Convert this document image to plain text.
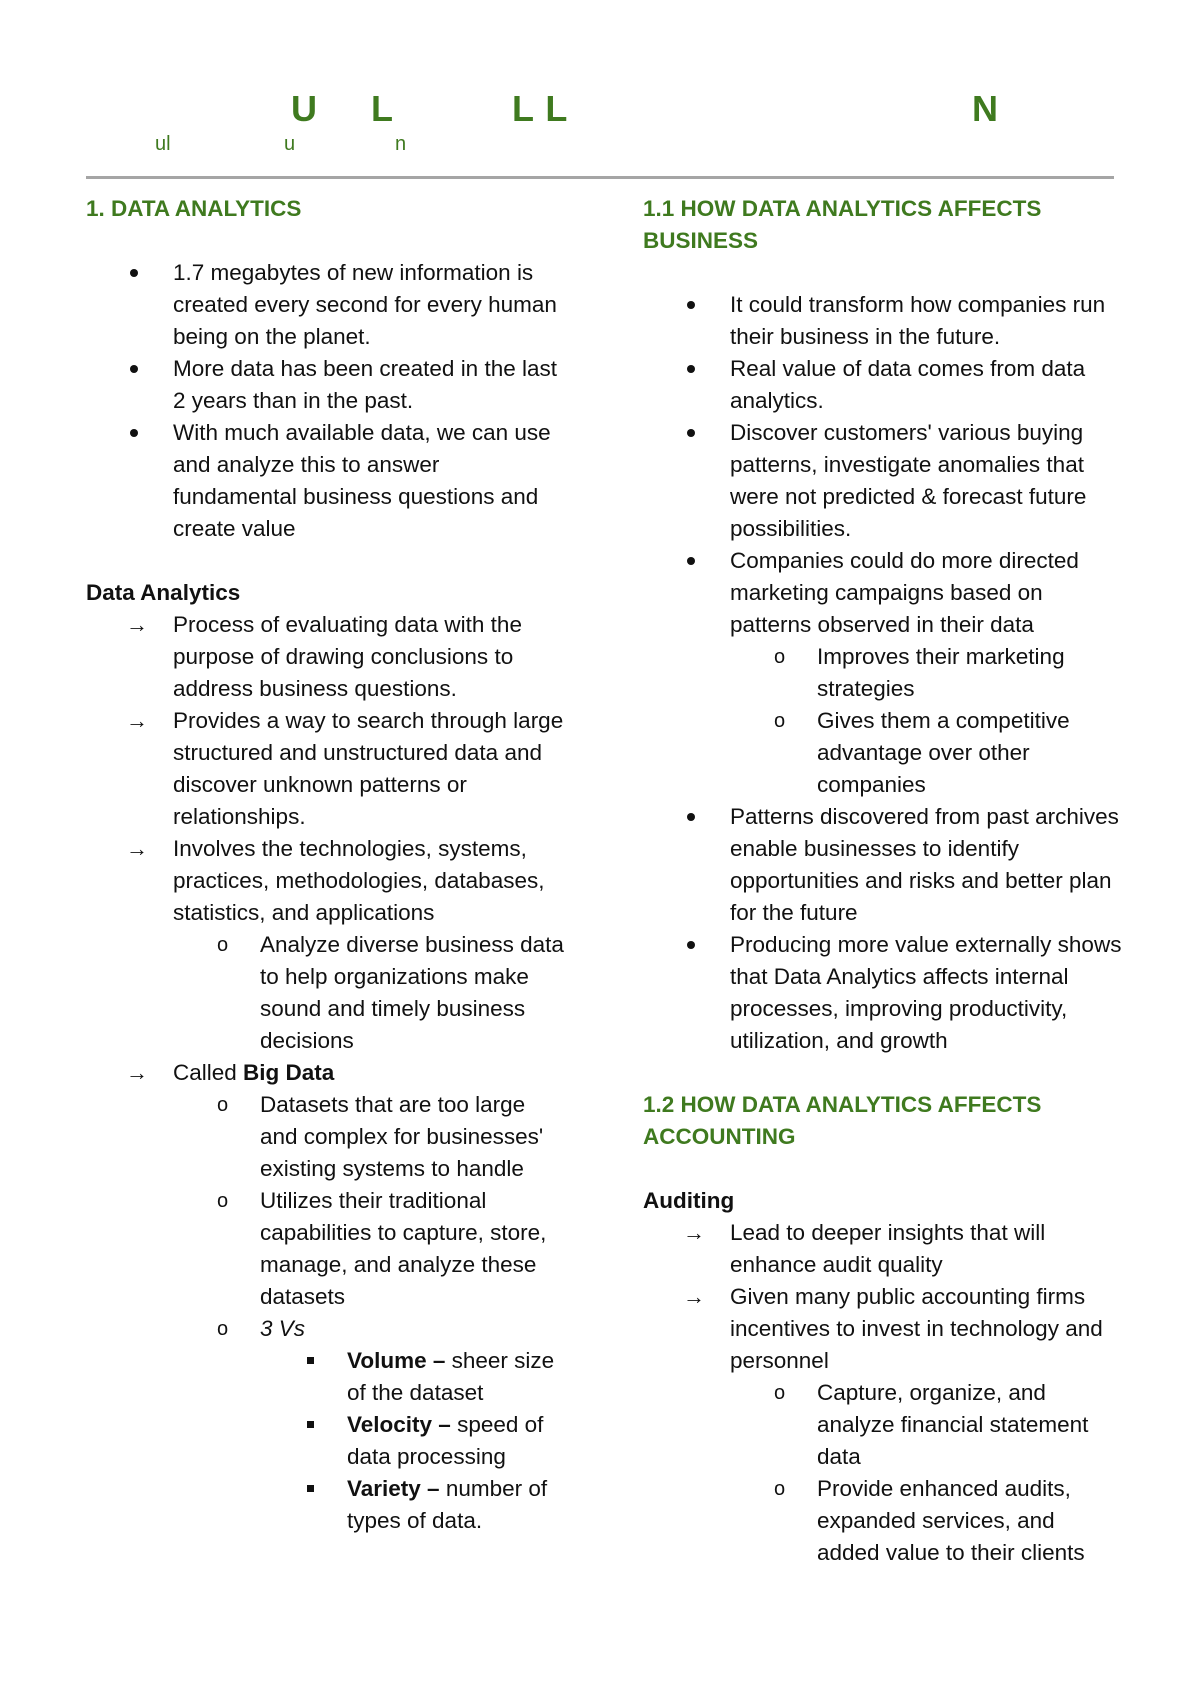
U L	L L	N
ul	u	n
1. DATA ANALYTICS
1.7 megabytes of new information is created every second for every human being on the planet.
More data has been created in the last 2 years than in the past.
With much available data, we can use and analyze this to answer fundamental business questions and create value
Data Analytics
→ Process of evaluating data with the purpose of drawing conclusions to address business questions.
→ Provides a way to search through large structured and unstructured data and discover unknown patterns or relationships.
→ Involves the technologies, systems, practices, methodologies, databases, statistics, and applications
o Analyze diverse business data to help organizations make sound and timely business decisions
→ Called Big Data
o Datasets that are too large and complex for businesses' existing systems to handle
o Utilizes their traditional capabilities to capture, store, manage, and analyze these datasets
o 3 Vs
Volume – sheer size of the dataset
Velocity – speed of data processing
Variety – number of types of data.
1.1 HOW DATA ANALYTICS AFFECTS BUSINESS
It could transform how companies run their business in the future.
Real value of data comes from data analytics.
Discover customers' various buying patterns, investigate anomalies that were not predicted & forecast future possibilities.
Companies could do more directed marketing campaigns based on patterns observed in their data
o Improves their marketing strategies
o Gives them a competitive advantage over other companies
Patterns discovered from past archives enable businesses to identify opportunities and risks and better plan for the future
Producing more value externally shows that Data Analytics affects internal processes, improving productivity, utilization, and growth
1.2 HOW DATA ANALYTICS AFFECTS ACCOUNTING
Auditing
→ Lead to deeper insights that will enhance audit quality
→ Given many public accounting firms incentives to invest in technology and personnel
o Capture, organize, and analyze financial statement data
o Provide enhanced audits, expanded services, and added value to their clients
